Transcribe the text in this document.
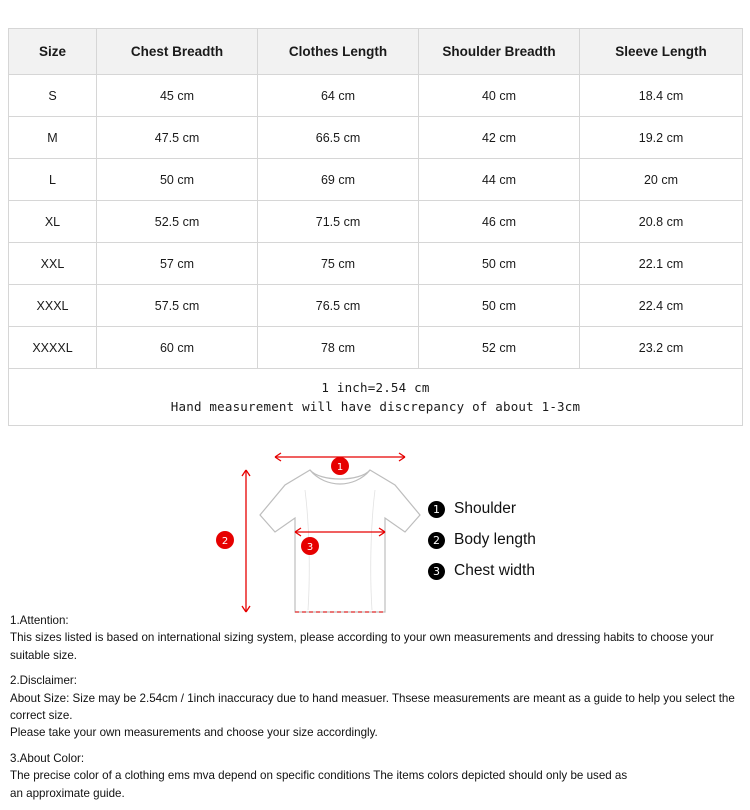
Size	Chest Breadth	Clothes Length	Shoulder Breadth	Sleeve Length
S	45 cm	64 cm	40 cm	18.4 cm
M	47.5 cm	66.5 cm	42 cm	19.2 cm
L	50 cm	69 cm	44 cm	20 cm
XL	52.5 cm	71.5 cm	46 cm	20.8 cm
XXL	57 cm	75 cm	50 cm	22.1 cm
XXXL	57.5 cm	76.5 cm	50 cm	22.4 cm
XXXXL	60 cm	78 cm	52 cm	23.2 cm

1 inch=2.54 cm
Hand measurement will have discrepancy of about 1-3cm				
1
2
3
1 Shoulder
2 Body length
3 Chest width
1.Attention:
This sizes listed is based on international sizing system, please according to your own measurements and dressing habits to choose your suitable size.
2.Disclaimer:
About Size: Size may be 2.54cm / 1inch inaccuracy due to hand measuer. Thsese measurements are meant as a guide to help you select the correct size.
Please take your own measurements and choose your size accordingly.
3.About Color:
The precise color of a clothing ems mva depend on specific conditions The items colors depicted should only be used as
an approximate guide.
